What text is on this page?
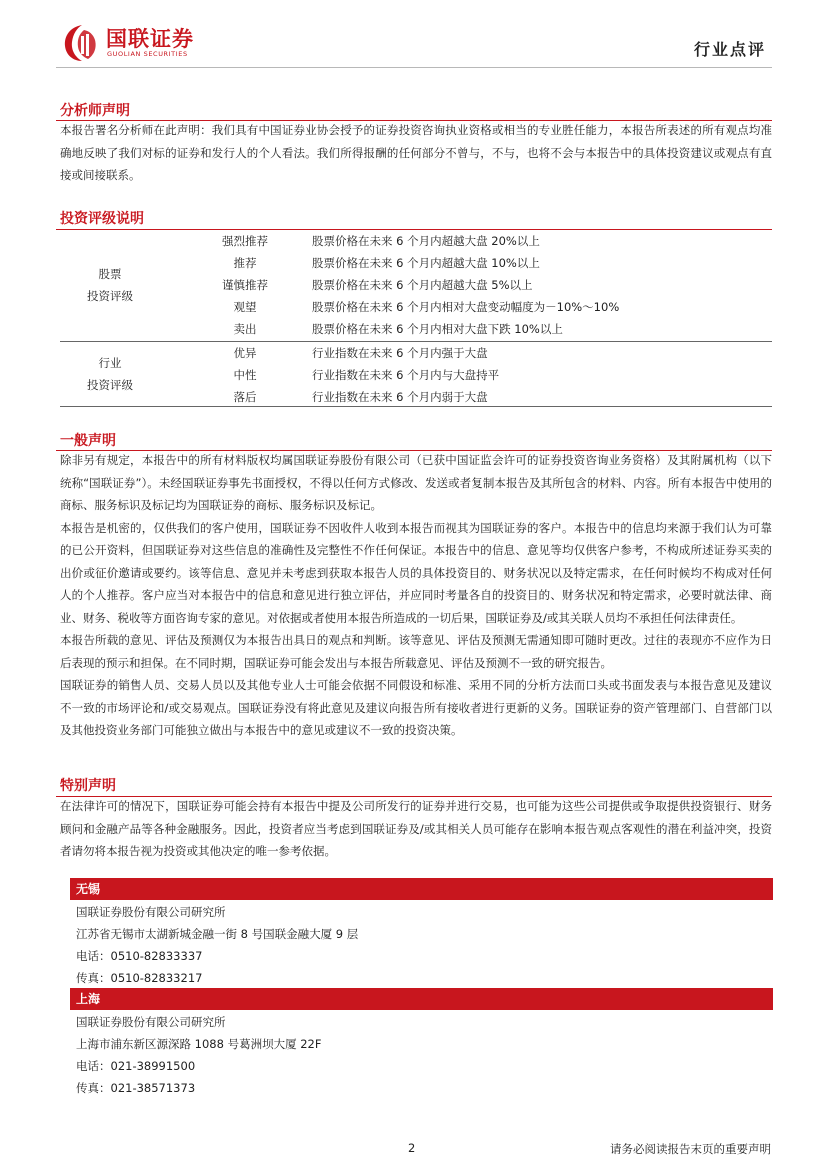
国联证券
GUOLIAN SECURITIES	行业点评
分析师声明

本报告署名分析师在此声明：我们具有中国证券业协会授予的证券投资咨询执业资格或相当的专业胜任能力，本报告所表述的所有观点均准确地反映了我们对标的证券和发行人的个人看法。我们所得报酬的任何部分不曾与，不与，也将不会与本报告中的具体投资建议或观点有直接或间接联系。

投资评级说明
股票
投资评级
强烈推荐	股票价格在未来 6 个月内超越大盘 20%以上
推荐	股票价格在未来 6 个月内超越大盘 10%以上
谨慎推荐	股票价格在未来 6 个月内超越大盘 5%以上
观望	股票价格在未来 6 个月内相对大盘变动幅度为－10%～10%
卖出	股票价格在未来 6 个月内相对大盘下跌 10%以上
行业
投资评级
优异	行业指数在未来 6 个月内强于大盘
中性	行业指数在未来 6 个月内与大盘持平
落后	行业指数在未来 6 个月内弱于大盘
一般声明

除非另有规定，本报告中的所有材料版权均属国联证券股份有限公司（已获中国证监会许可的证券投资咨询业务资格）及其附属机构（以下统称“国联证券”）。未经国联证券事先书面授权，不得以任何方式修改、发送或者复制本报告及其所包含的材料、内容。所有本报告中使用的商标、服务标识及标记均为国联证券的商标、服务标识及标记。

本报告是机密的，仅供我们的客户使用，国联证券不因收件人收到本报告而视其为国联证券的客户。本报告中的信息均来源于我们认为可靠的已公开资料，但国联证券对这些信息的准确性及完整性不作任何保证。本报告中的信息、意见等均仅供客户参考，不构成所述证券买卖的出价或征价邀请或要约。该等信息、意见并未考虑到获取本报告人员的具体投资目的、财务状况以及特定需求，在任何时候均不构成对任何人的个人推荐。客户应当对本报告中的信息和意见进行独立评估，并应同时考量各自的投资目的、财务状况和特定需求，必要时就法律、商业、财务、税收等方面咨询专家的意见。对依据或者使用本报告所造成的一切后果，国联证券及/或其关联人员均不承担任何法律责任。

本报告所载的意见、评估及预测仅为本报告出具日的观点和判断。该等意见、评估及预测无需通知即可随时更改。过往的表现亦不应作为日后表现的预示和担保。在不同时期，国联证券可能会发出与本报告所载意见、评估及预测不一致的研究报告。

国联证券的销售人员、交易人员以及其他专业人士可能会依据不同假设和标准、采用不同的分析方法而口头或书面发表与本报告意见及建议不一致的市场评论和/或交易观点。国联证券没有将此意见及建议向报告所有接收者进行更新的义务。国联证券的资产管理部门、自营部门以及其他投资业务部门可能独立做出与本报告中的意见或建议不一致的投资决策。

特别声明

在法律许可的情况下，国联证券可能会持有本报告中提及公司所发行的证券并进行交易，也可能为这些公司提供或争取提供投资银行、财务顾问和金融产品等各种金融服务。因此，投资者应当考虑到国联证券及/或其相关人员可能存在影响本报告观点客观性的潜在利益冲突，投资者请勿将本报告视为投资或其他决定的唯一参考依据。

无锡
国联证券股份有限公司研究所
江苏省无锡市太湖新城金融一街 8 号国联金融大厦 9 层
电话：0510-82833337
传真：0510-82833217
上海
国联证券股份有限公司研究所
上海市浦东新区源深路 1088 号葛洲坝大厦 22F
电话：021-38991500
传真：021-38571373
2	请务必阅读报告末页的重要声明
